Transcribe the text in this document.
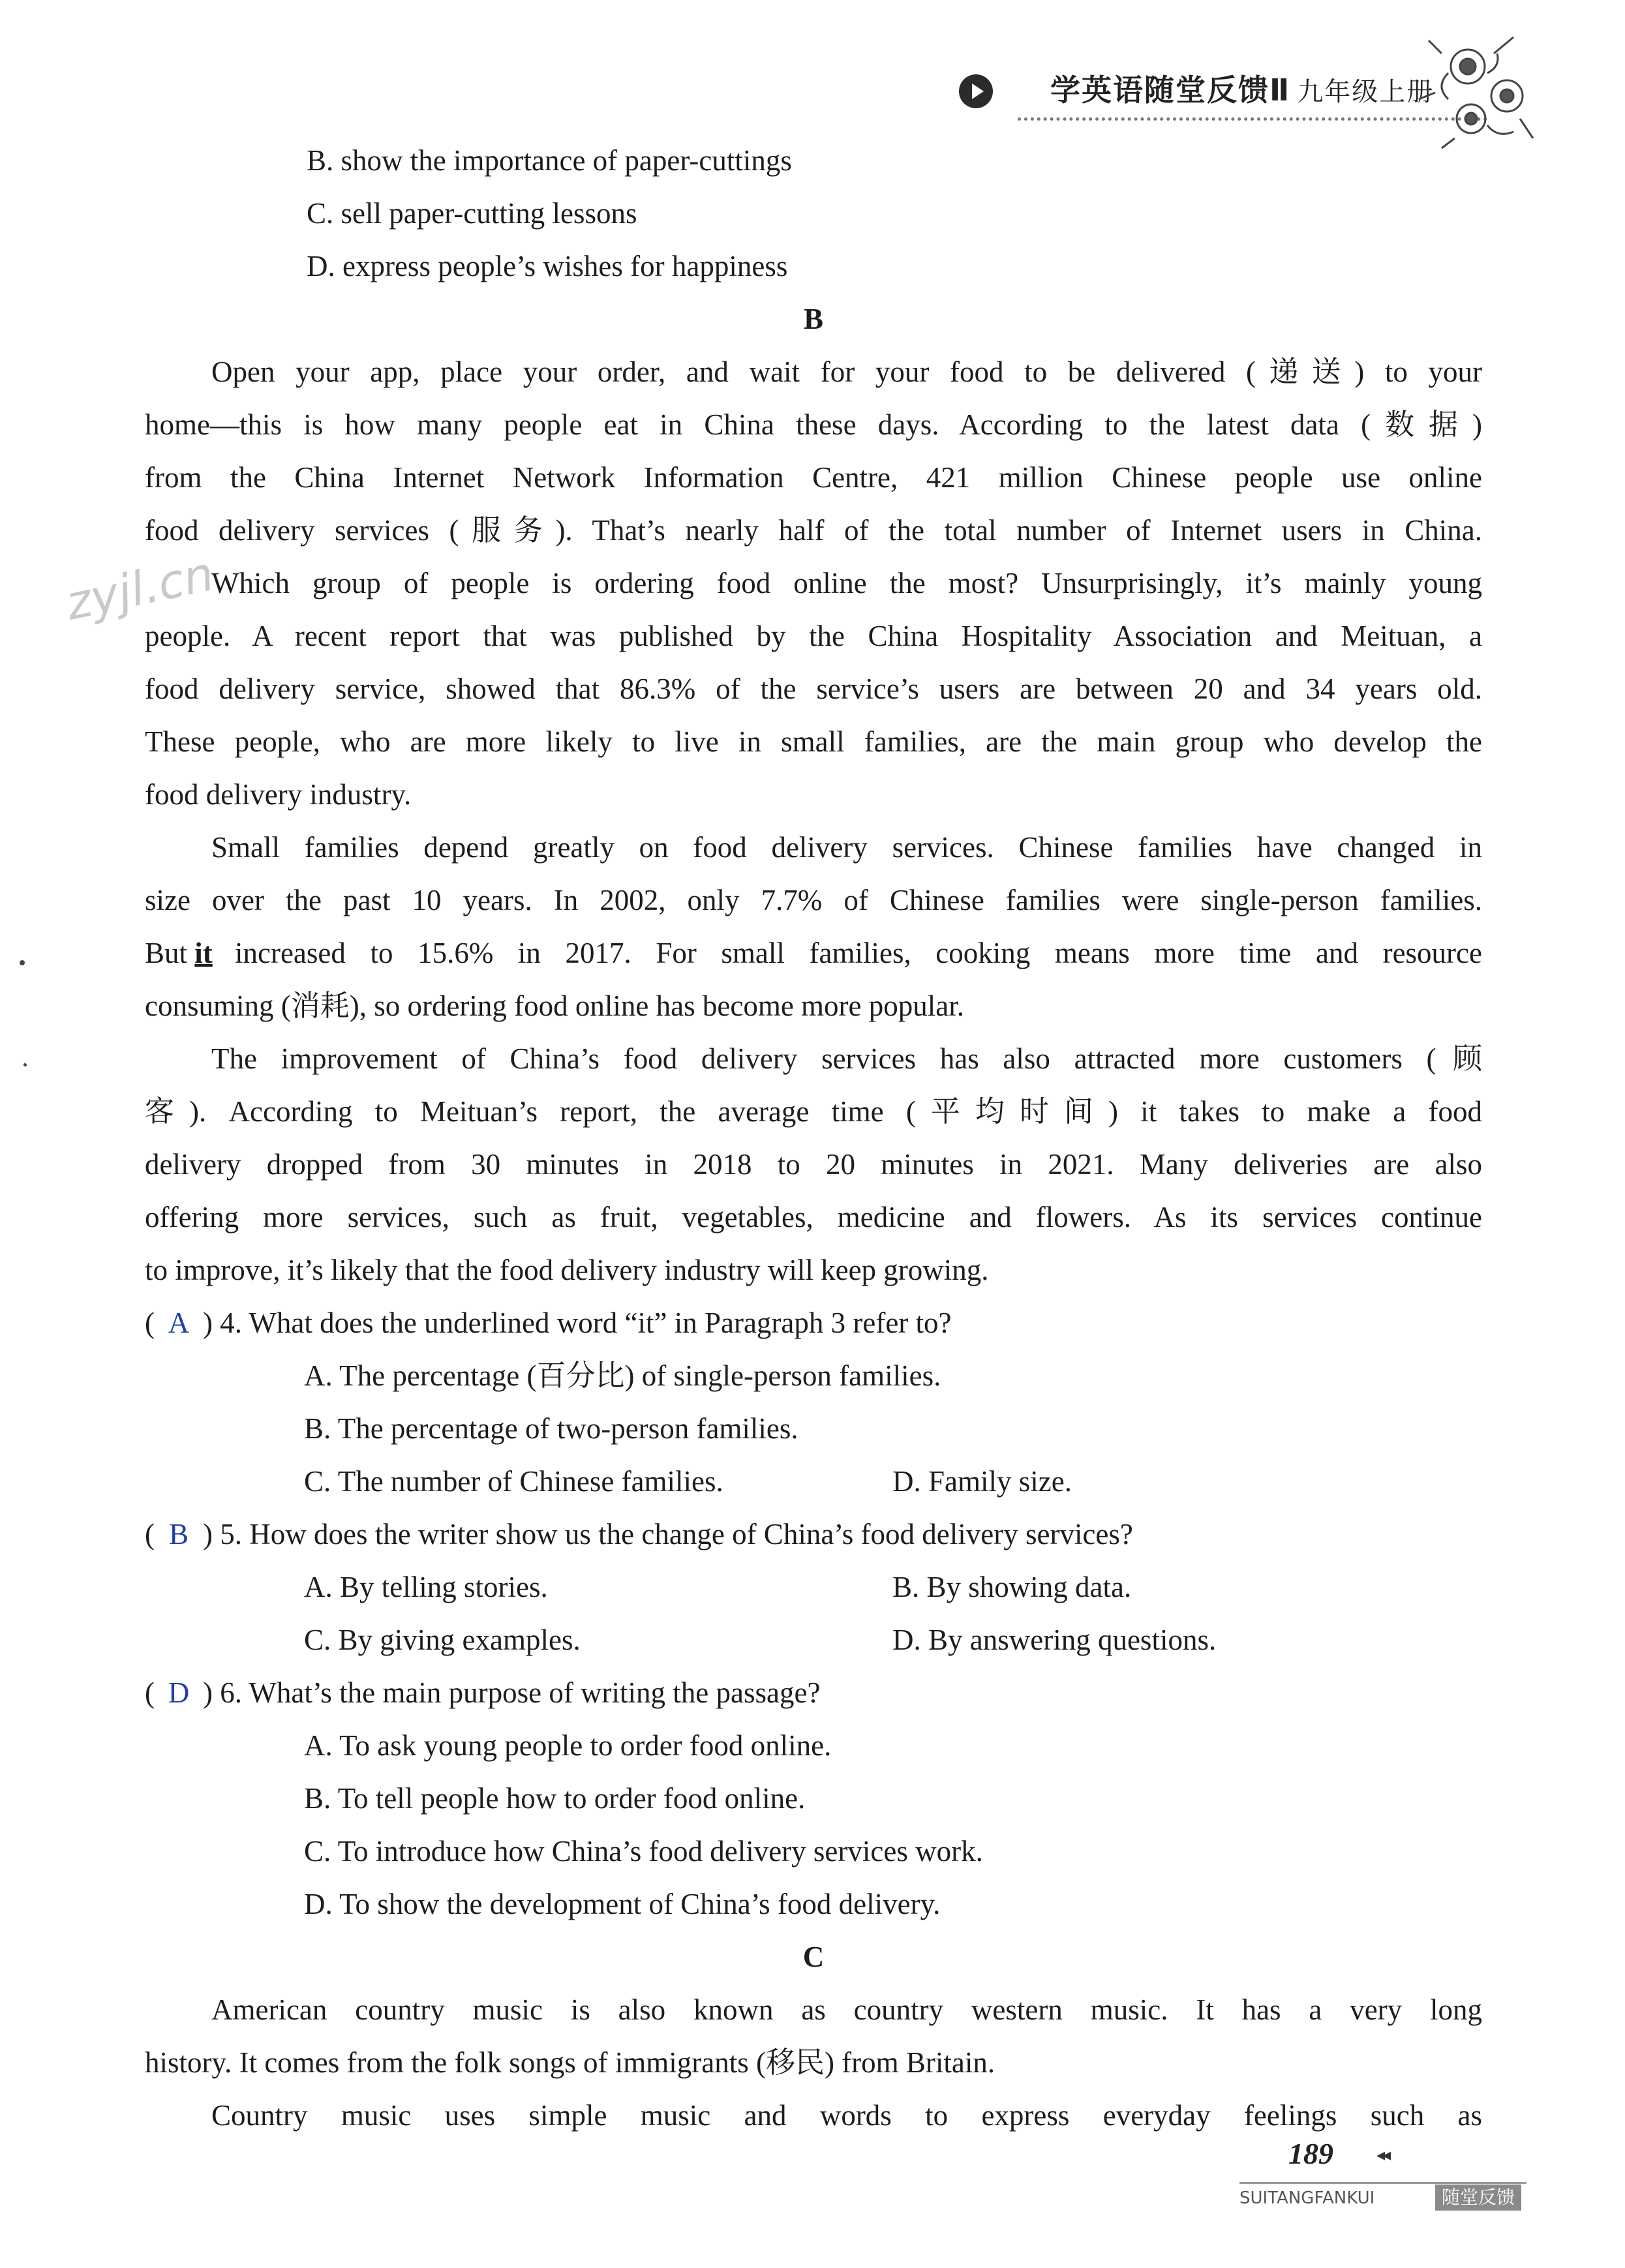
学英语随堂反馈Ⅱ 九年级上册
zyjl.cn
B. show the importance of paper-cuttings
C. sell paper-cutting lessons
D. express people’s wishes for happiness
B
Open your app, place your order, and wait for your food to be delivered (递送) to your
home—this is how many people eat in China these days. According to the latest data (数据)
from the China Internet Network Information Centre, 421 million Chinese people use online
food delivery services (服务). That’s nearly half of the total number of Internet users in China.
Which group of people is ordering food online the most? Unsurprisingly, it’s mainly young
people. A recent report that was published by the China Hospitality Association and Meituan, a
food delivery service, showed that 86.3% of the service’s users are between 20 and 34 years old.
These people, who are more likely to live in small families, are the main group who develop the
food delivery industry.
Small families depend greatly on food delivery services. Chinese families have changed in
size over the past 10 years. In 2002, only 7.7% of Chinese families were single-person families.
But it increased to 15.6% in 2017. For small families, cooking means more time and resource
consuming (消耗), so ordering food online has become more popular.
The improvement of China’s food delivery services has also attracted more customers (顾
客). According to Meituan’s report, the average time (平均时间) it takes to make a food
delivery dropped from 30 minutes in 2018 to 20 minutes in 2021. Many deliveries are also
offering more services, such as fruit, vegetables, medicine and flowers. As its services continue
to improve, it’s likely that the food delivery industry will keep growing.
( A ) 4. What does the underlined word “it” in Paragraph 3 refer to?
A. The percentage (百分比) of single-person families.
B. The percentage of two-person families.
C. The number of Chinese families.	D. Family size.
( B ) 5. How does the writer show us the change of China’s food delivery services?
A. By telling stories.	B. By showing data.
C. By giving examples.	D. By answering questions.
( D ) 6. What’s the main purpose of writing the passage?
A. To ask young people to order food online.
B. To tell people how to order food online.
C. To introduce how China’s food delivery services work.
D. To show the development of China’s food delivery.
C
American country music is also known as country western music. It has a very long
history. It comes from the folk songs of immigrants (移民) from Britain.
Country music uses simple music and words to express everyday feelings such as
189	◂◂
SUITANGFANKUI	随堂反馈
